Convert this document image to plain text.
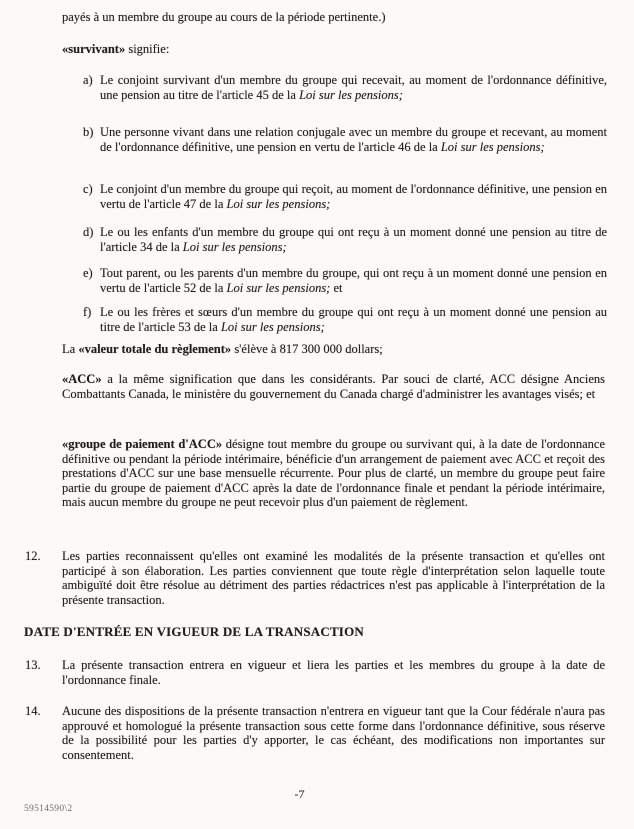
payés à un membre du groupe au cours de la période pertinente.)

«survivant» signifie:

a) Le conjoint survivant d'un membre du groupe qui recevait, au moment de l'ordonnance définitive, une pension au titre de l'article 45 de la Loi sur les pensions;
b) Une personne vivant dans une relation conjugale avec un membre du groupe et recevant, au moment de l'ordonnance définitive, une pension en vertu de l'article 46 de la Loi sur les pensions;
c) Le conjoint d'un membre du groupe qui reçoit, au moment de l'ordonnance définitive, une pension en vertu de l'article 47 de la Loi sur les pensions;
d) Le ou les enfants d'un membre du groupe qui ont reçu à un moment donné une pension au titre de l'article 34 de la Loi sur les pensions;
e) Tout parent, ou les parents d'un membre du groupe, qui ont reçu à un moment donné une pension en vertu de l'article 52 de la Loi sur les pensions; et
f) Le ou les frères et sœurs d'un membre du groupe qui ont reçu à un moment donné une pension au titre de l'article 53 de la Loi sur les pensions;

La «valeur totale du règlement» s'élève à 817 300 000 dollars;

«ACC» a la même signification que dans les considérants. Par souci de clarté, ACC désigne Anciens Combattants Canada, le ministère du gouvernement du Canada chargé d'administrer les avantages visés; et

«groupe de paiement d'ACC» désigne tout membre du groupe ou survivant qui, à la date de l'ordonnance définitive ou pendant la période intérimaire, bénéficie d'un arrangement de paiement avec ACC et reçoit des prestations d'ACC sur une base mensuelle récurrente. Pour plus de clarté, un membre du groupe peut faire partie du groupe de paiement d'ACC après la date de l'ordonnance finale et pendant la période intérimaire, mais aucun membre du groupe ne peut recevoir plus d'un paiement de règlement.

12.	Les parties reconnaissent qu'elles ont examiné les modalités de la présente transaction et qu'elles ont participé à son élaboration. Les parties conviennent que toute règle d'interprétation selon laquelle toute ambiguïté doit être résolue au détriment des parties rédactrices n'est pas applicable à l'interprétation de la présente transaction.
DATE D'ENTRÉE EN VIGUEUR DE LA TRANSACTION
13.	La présente transaction entrera en vigueur et liera les parties et les membres du groupe à la date de l'ordonnance finale.
14.	Aucune des dispositions de la présente transaction n'entrera en vigueur tant que la Cour fédérale n'aura pas approuvé et homologué la présente transaction sous cette forme dans l'ordonnance définitive, sous réserve de la possibilité pour les parties d'y apporter, le cas échéant, des modifications non importantes sur consentement.
-7
59514590\2
